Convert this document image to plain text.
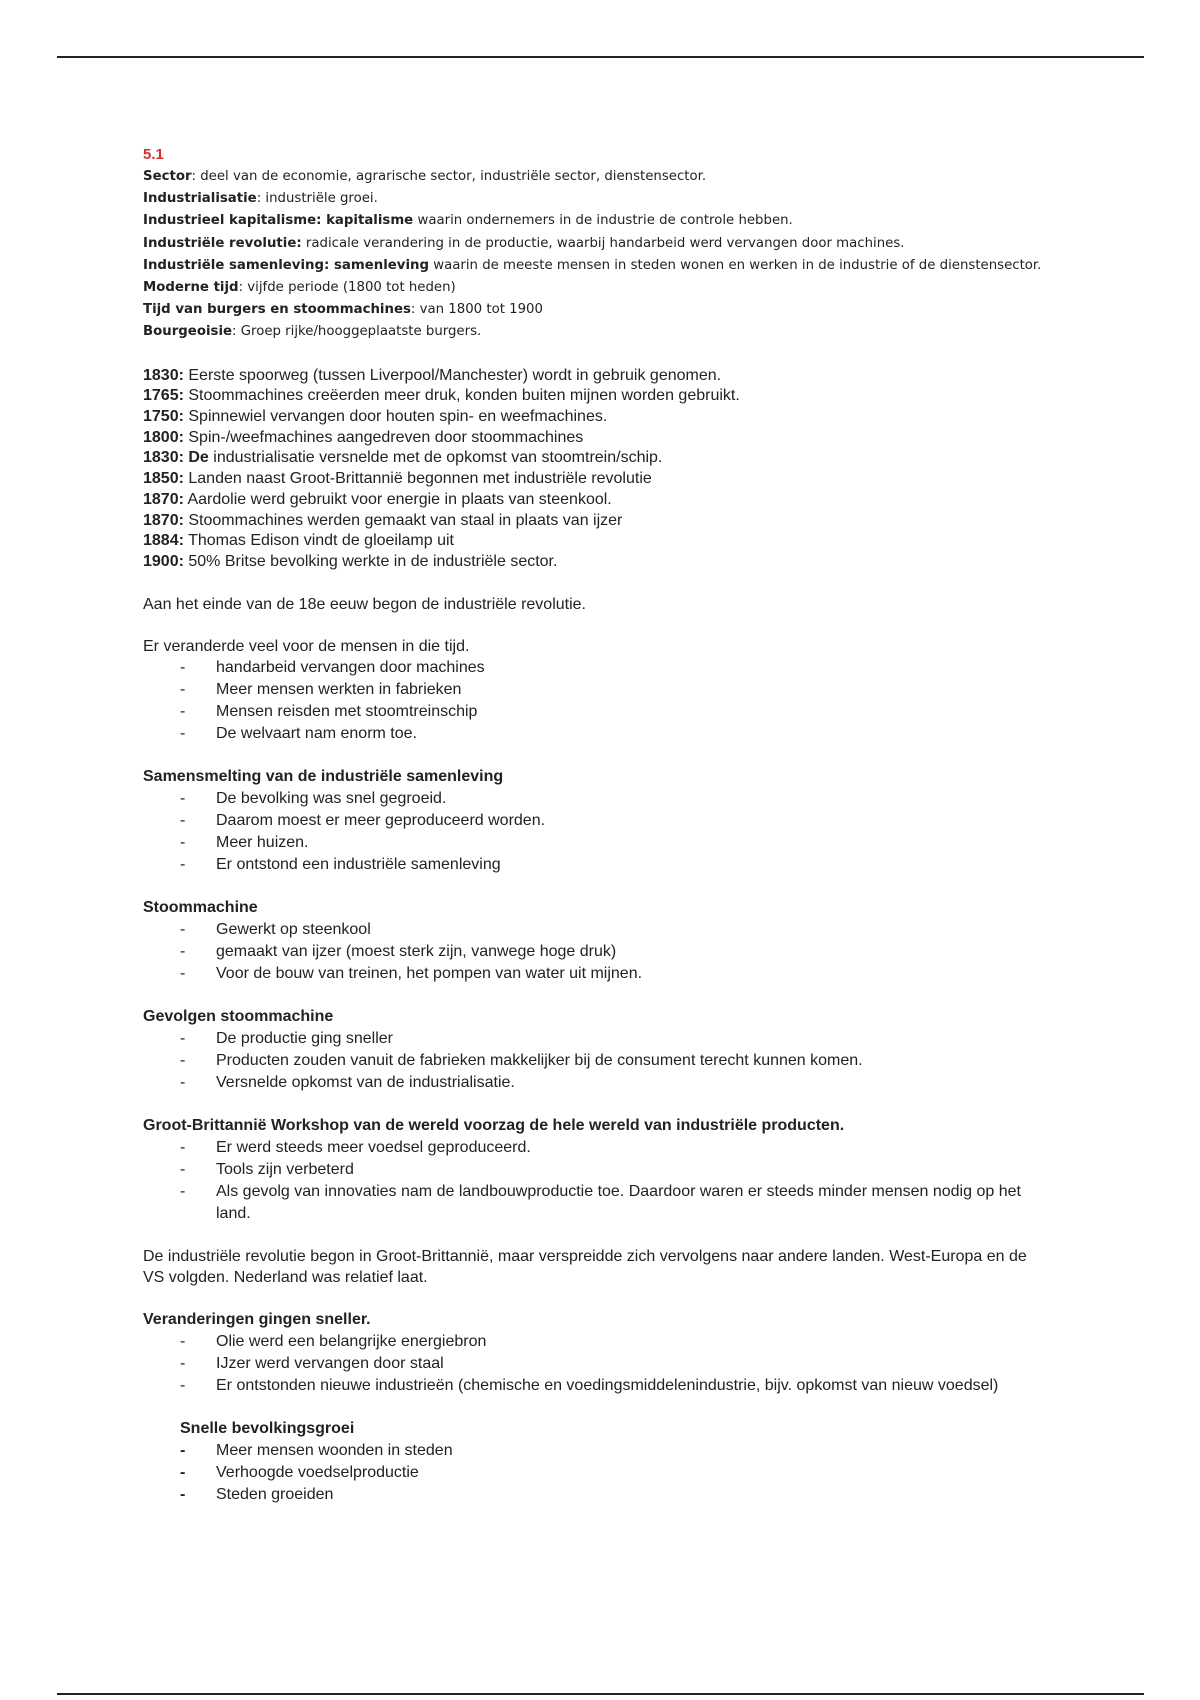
5.1

Sector: deel van de economie, agrarische sector, industriële sector, dienstensector.
Industrialisatie: industriële groei.
Industrieel kapitalisme: kapitalisme waarin ondernemers in de industrie de controle hebben.
Industriële revolutie: radicale verandering in de productie, waarbij handarbeid werd vervangen door machines.
Industriële samenleving: samenleving waarin de meeste mensen in steden wonen en werken in de industrie of de dienstensector.
Moderne tijd: vijfde periode (1800 tot heden)
Tijd van burgers en stoommachines: van 1800 tot 1900
Bourgeoisie: Groep rijke/hooggeplaatste burgers.
1830: Eerste spoorweg (tussen Liverpool/Manchester) wordt in gebruik genomen.
1765: Stoommachines creëerden meer druk, konden buiten mijnen worden gebruikt.
1750: Spinnewiel vervangen door houten spin- en weefmachines.
1800: Spin-/weefmachines aangedreven door stoommachines
1830: De industrialisatie versnelde met de opkomst van stoomtrein/schip.
1850: Landen naast Groot-Brittannië begonnen met industriële revolutie
1870: Aardolie werd gebruikt voor energie in plaats van steenkool.
1870: Stoommachines werden gemaakt van staal in plaats van ijzer
1884: Thomas Edison vindt de gloeilamp uit
1900: 50% Britse bevolking werkte in de industriële sector.

Aan het einde van de 18e eeuw begon de industriële revolutie.

Er veranderde veel voor de mensen in die tijd.

- handarbeid vervangen door machines
- Meer mensen werkten in fabrieken
- Mensen reisden met stoomtreinschip
- De welvaart nam enorm toe.

Samensmelting van de industriële samenleving

- De bevolking was snel gegroeid.
- Daarom moest er meer geproduceerd worden.
- Meer huizen.
- Er ontstond een industriële samenleving

Stoommachine

- Gewerkt op steenkool
- gemaakt van ijzer (moest sterk zijn, vanwege hoge druk)
- Voor de bouw van treinen, het pompen van water uit mijnen.

Gevolgen stoommachine

- De productie ging sneller
- Producten zouden vanuit de fabrieken makkelijker bij de consument terecht kunnen komen.
- Versnelde opkomst van de industrialisatie.

Groot-Brittannië Workshop van de wereld voorzag de hele wereld van industriële producten.

- Er werd steeds meer voedsel geproduceerd.
- Tools zijn verbeterd
- Als gevolg van innovaties nam de landbouwproductie toe. Daardoor waren er steeds minder mensen nodig op het land.

De industriële revolutie begon in Groot-Brittannië, maar verspreidde zich vervolgens naar andere landen. West-Europa en de VS volgden. Nederland was relatief laat.

Veranderingen gingen sneller.

- Olie werd een belangrijke energiebron
- IJzer werd vervangen door staal
- Er ontstonden nieuwe industrieën (chemische en voedingsmiddelenindustrie, bijv. opkomst van nieuw voedsel)

Snelle bevolkingsgroei

- Meer mensen woonden in steden
- Verhoogde voedselproductie
- Steden groeiden
